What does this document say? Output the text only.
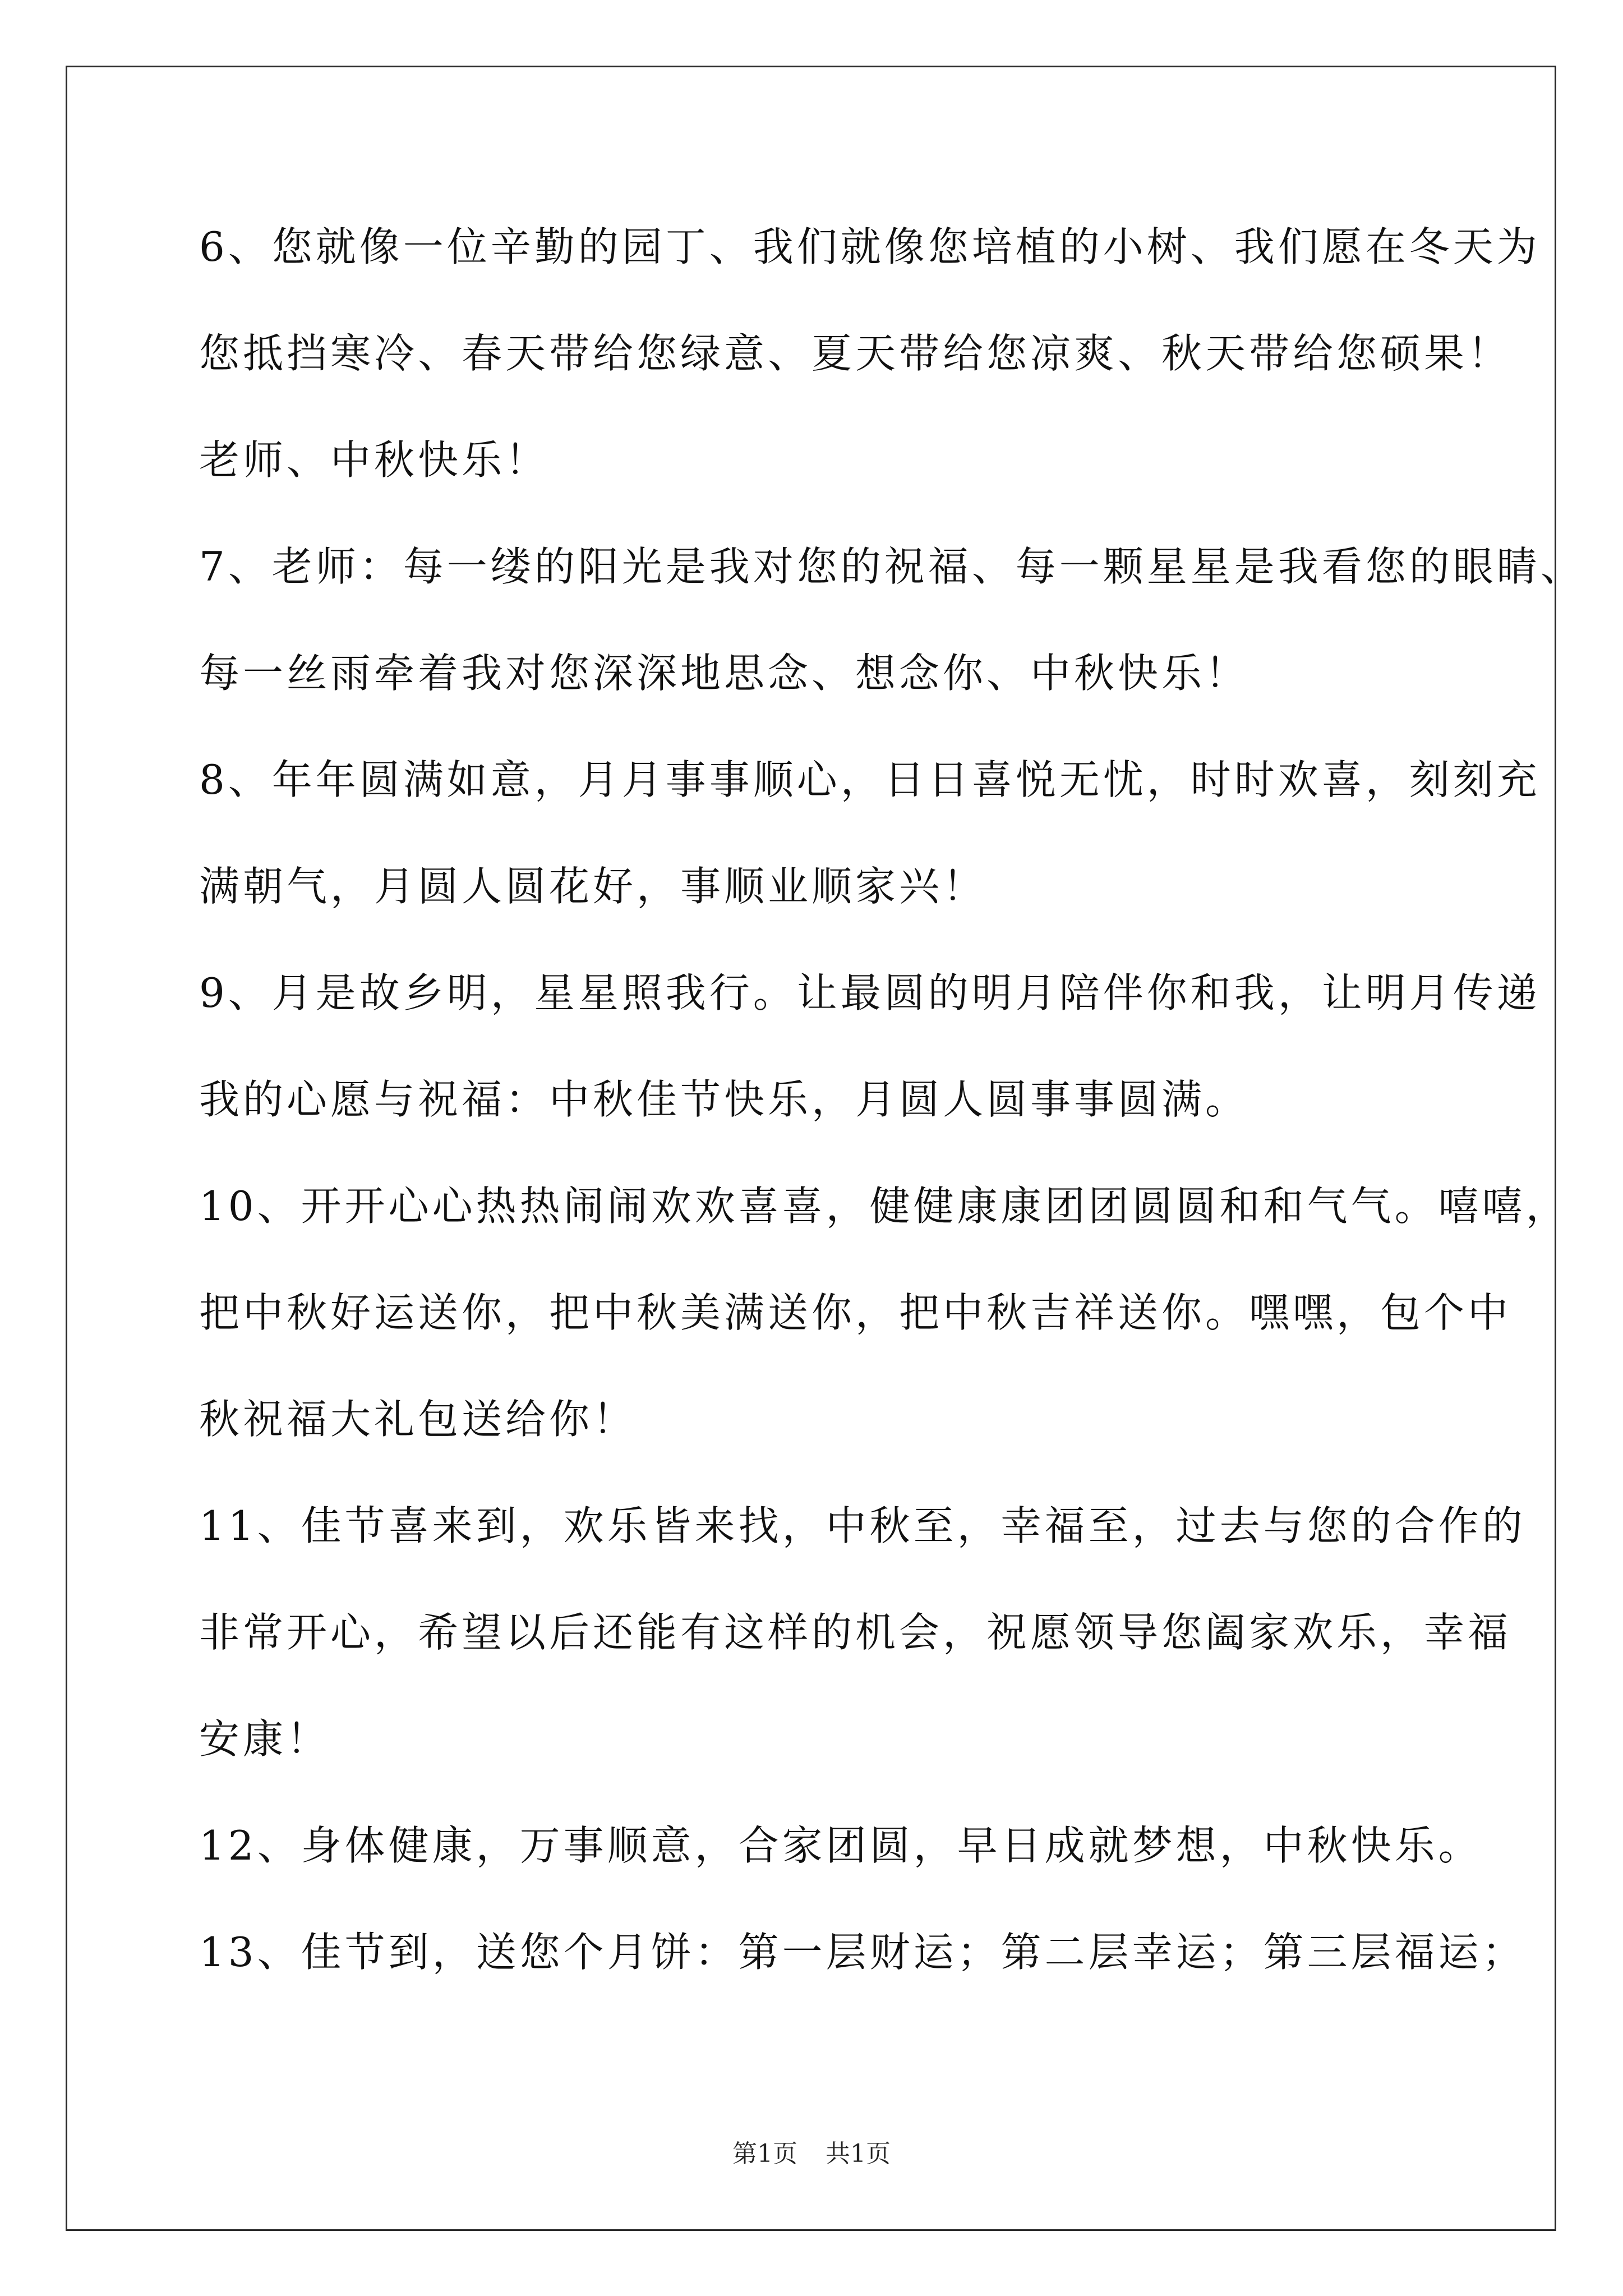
6、您就像一位辛勤的园丁、我们就像您培植的小树、我们愿在冬天为
您抵挡寒冷、春天带给您绿意、夏天带给您凉爽、秋天带给您硕果！
老师、中秋快乐！
7、老师：每一缕的阳光是我对您的祝福、每一颗星星是我看您的眼睛、
每一丝雨牵着我对您深深地思念、想念你、中秋快乐！
8、年年圆满如意，月月事事顺心，日日喜悦无忧，时时欢喜，刻刻充
满朝气，月圆人圆花好，事顺业顺家兴！
9、月是故乡明，星星照我行。让最圆的明月陪伴你和我，让明月传递
我的心愿与祝福：中秋佳节快乐，月圆人圆事事圆满。
10、开开心心热热闹闹欢欢喜喜，健健康康团团圆圆和和气气。嘻嘻，
把中秋好运送你，把中秋美满送你，把中秋吉祥送你。嘿嘿，包个中
秋祝福大礼包送给你！
11、佳节喜来到，欢乐皆来找，中秋至，幸福至，过去与您的合作的
非常开心，希望以后还能有这样的机会，祝愿领导您阖家欢乐，幸福
安康！
12、身体健康，万事顺意，合家团圆，早日成就梦想，中秋快乐。
13、佳节到，送您个月饼：第一层财运；第二层幸运；第三层福运；
第1页 共1页
